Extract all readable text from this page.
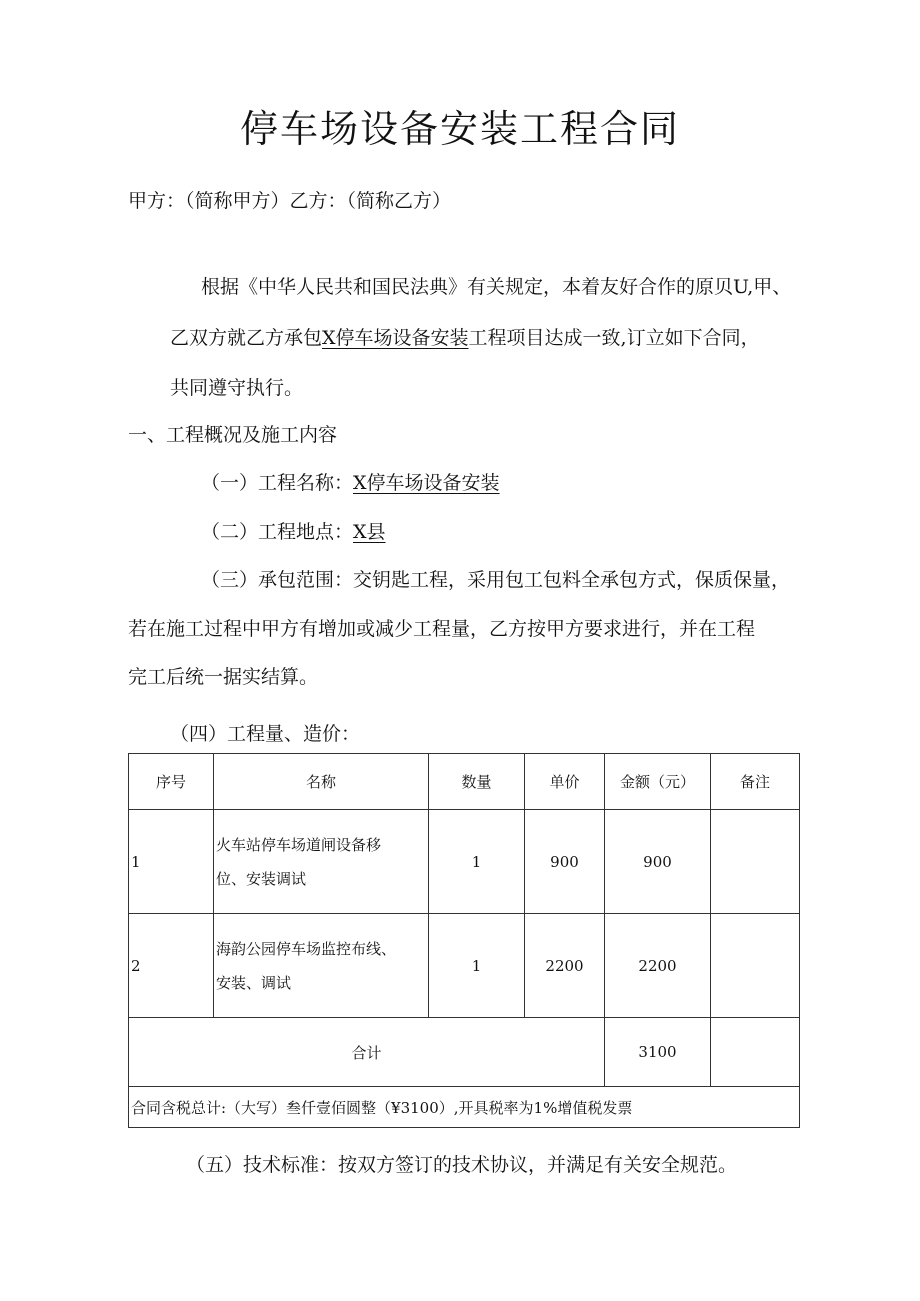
停车场设备安装工程合同
甲方：（简称甲方）乙方：（简称乙方）
根据《中华人民共和国民法典》有关规定，本着友好合作的原贝U,甲、
乙双方就乙方承包X停车场设备安装工程项目达成一致,订立如下合同，
共同遵守执行。
一、工程概况及施工内容
（一）工程名称：X停车场设备安装
（二）工程地点：X县
（三）承包范围：交钥匙工程，采用包工包料全承包方式，保质保量，
若在施工过程中甲方有增加或减少工程量，乙方按甲方要求进行，并在工程
完工后统一据实结算。
（四）工程量、造价：
序号	名称	数量	单价	金额（元）	备注
1	火车站停车场道闸设备移
位、安装调试	1	900	900	
2	海韵公园停车场监控布线、
安装、调试	1	2200	2200	
合计				3100	
合同含税总计:（大写）叁仟壹佰圆整（¥3100）,开具税率为1%增值税发票					
（五）技术标准：按双方签订的技术协议，并满足有关安全规范。
